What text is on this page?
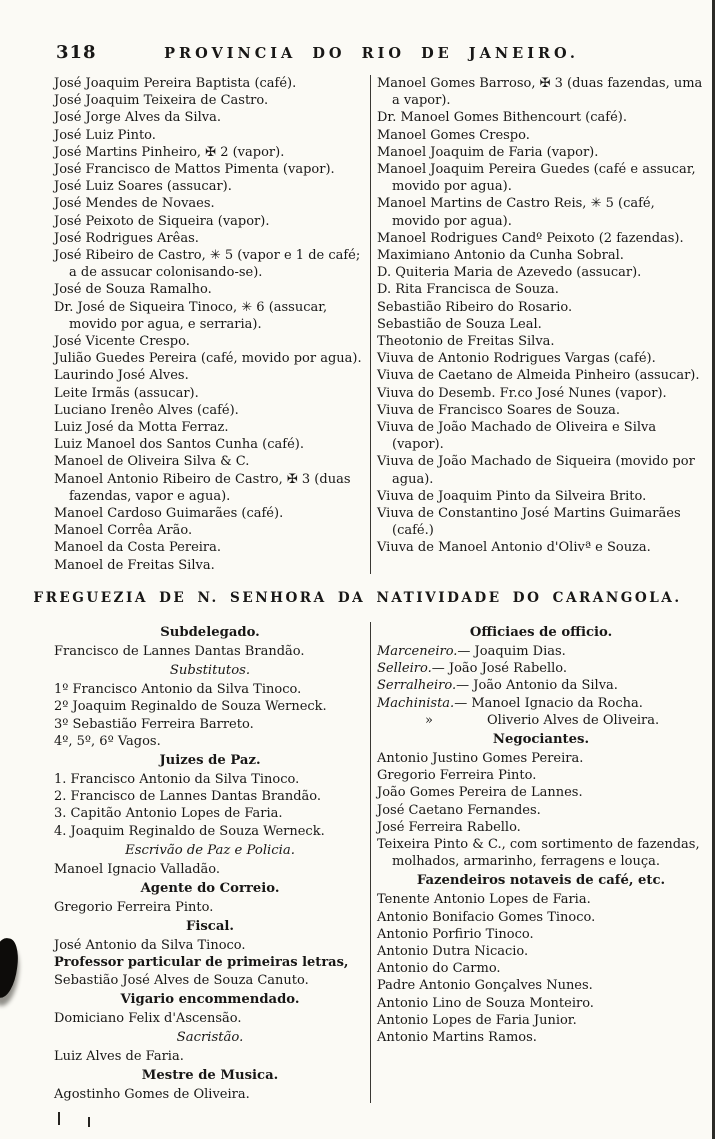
318	PROVINCIA DO RIO DE JANEIRO.
José Joaquim Pereira Baptista (café).
José Joaquim Teixeira de Castro.
José Jorge Alves da Silva.
José Luiz Pinto.
José Martins Pinheiro, ✠ 2 (vapor).
José Francisco de Mattos Pimenta (vapor).
José Luiz Soares (assucar).
José Mendes de Novaes.
José Peixoto de Siqueira (vapor).
José Rodrigues Arêas.
José Ribeiro de Castro, ✳ 5 (vapor e 1 de café; a de assucar colonisando-se).
José de Souza Ramalho.
Dr. José de Siqueira Tinoco, ✳ 6 (assucar, movido por agua, e serraria).
José Vicente Crespo.
Julião Guedes Pereira (café, movido por agua).
Laurindo José Alves.
Leite Irmãs (assucar).
Luciano Irenêo Alves (café).
Luiz José da Motta Ferraz.
Luiz Manoel dos Santos Cunha (café).
Manoel de Oliveira Silva & C.
Manoel Antonio Ribeiro de Castro, ✠ 3 (duas fazendas, vapor e agua).
Manoel Cardoso Guimarães (café).
Manoel Corrêa Arão.
Manoel da Costa Pereira.
Manoel de Freitas Silva.
Manoel Gomes Barroso, ✠ 3 (duas fazendas, uma a vapor).
Dr. Manoel Gomes Bithencourt (café).
Manoel Gomes Crespo.
Manoel Joaquim de Faria (vapor).
Manoel Joaquim Pereira Guedes (café e assucar, movido por agua).
Manoel Martins de Castro Reis, ✳ 5 (café, movido por agua).
Manoel Rodrigues Candº Peixoto (2 fazendas).
Maximiano Antonio da Cunha Sobral.
D. Quiteria Maria de Azevedo (assucar).
D. Rita Francisca de Souza.
Sebastião Ribeiro do Rosario.
Sebastião de Souza Leal.
Theotonio de Freitas Silva.
Viuva de Antonio Rodrigues Vargas (café).
Viuva de Caetano de Almeida Pinheiro (assucar).
Viuva do Desemb. Fr.co José Nunes (vapor).
Viuva de Francisco Soares de Souza.
Viuva de João Machado de Oliveira e Silva (vapor).
Viuva de João Machado de Siqueira (movido por agua).
Viuva de Joaquim Pinto da Silveira Brito.
Viuva de Constantino José Martins Guimarães (café.)
Viuva de Manoel Antonio d'Olivª e Souza.
FREGUEZIA DE N. SENHORA DA NATIVIDADE DO CARANGOLA.
Subdelegado.
Francisco de Lannes Dantas Brandão.
Substitutos.
1º Francisco Antonio da Silva Tinoco.
2º Joaquim Reginaldo de Souza Werneck.
3º Sebastião Ferreira Barreto.
4º, 5º, 6º Vagos.
Juizes de Paz.
1. Francisco Antonio da Silva Tinoco.
2. Francisco de Lannes Dantas Brandão.
3. Capitão Antonio Lopes de Faria.
4. Joaquim Reginaldo de Souza Werneck.
Escrivão de Paz e Policia.
Manoel Ignacio Valladão.
Agente do Correio.
Gregorio Ferreira Pinto.
Fiscal.
José Antonio da Silva Tinoco.
Professor particular de primeiras letras,
Sebastião José Alves de Souza Canuto.
Vigario encommendado.
Domiciano Felix d'Ascensão.
Sacristão.
Luiz Alves de Faria.
Mestre de Musica.
Agostinho Gomes de Oliveira.
Officiaes de officio.
Marceneiro.— Joaquim Dias.
Selleiro.— João José Rabello.
Serralheiro.— João Antonio da Silva.
Machinista.— Manoel Ignacio da Rocha.
»	Oliverio Alves de Oliveira.
Negociantes.
Antonio Justino Gomes Pereira.
Gregorio Ferreira Pinto.
João Gomes Pereira de Lannes.
José Caetano Fernandes.
José Ferreira Rabello.
Teixeira Pinto & C., com sortimento de fazendas, molhados, armarinho, ferragens e louça.
Fazendeiros notaveis de café, etc.
Tenente Antonio Lopes de Faria.
Antonio Bonifacio Gomes Tinoco.
Antonio Porfirio Tinoco.
Antonio Dutra Nicacio.
Antonio do Carmo.
Padre Antonio Gonçalves Nunes.
Antonio Lino de Souza Monteiro.
Antonio Lopes de Faria Junior.
Antonio Martins Ramos.
